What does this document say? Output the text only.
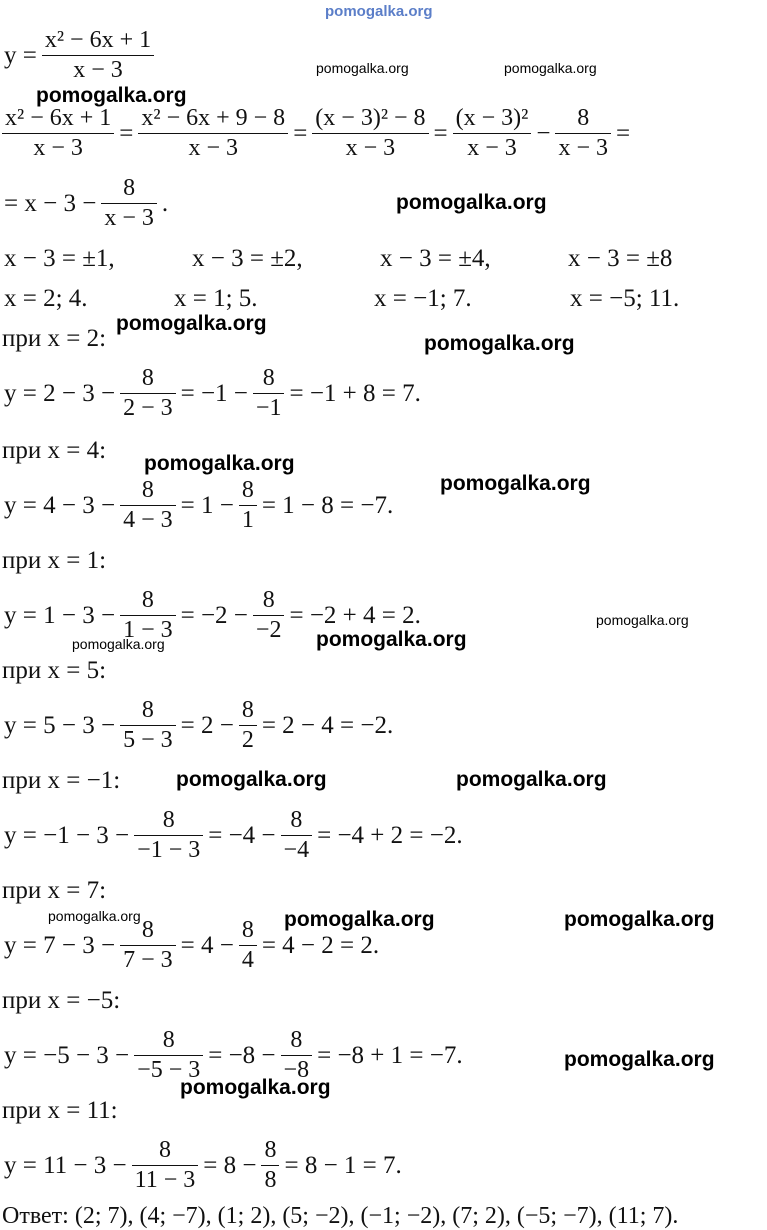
pomogalka.org
pomogalka.org	pomogalka.org
pomogalka.org
pomogalka.org
pomogalka.org
pomogalka.org
pomogalka.org
pomogalka.org
pomogalka.org
pomogalka.org
pomogalka.org
pomogalka.org	pomogalka.org
pomogalka.org	pomogalka.org	pomogalka.org
pomogalka.org
pomogalka.org
$y = \frac{\text{x² − 6x + 1}}{x - 3}$
$\frac{\text{x² − 6x + 1}}{x - 3} = \frac{\text{x² − 6x + 9 − 8}}{x - 3} = \frac{\text{(x − 3)² − 8}}{x - 3} = \frac{\text{(x − 3)²}}{x - 3} - \frac{8}{x - 3}$ =
= $x - 3 - \frac{8}{x - 3}$ .
x − 3 = ±1,	x − 3 = ±2,	x − 3 = ±4,	x − 3 = ±8
x = 2; 4.	x = 1; 5.	x = −1; 7.	x = −5; 11.
при x = 2:
$y = 2 - 3 - \frac{8}{2 - 3} = -1 - \frac{8}{-1} = -1 + 8 = 7$.
при x = 4:
$y = 4 - 3 - \frac{8}{4 - 3} = 1 - \frac{8}{1} = 1 - 8 = -7$.
при x = 1:
$y = 1 - 3 - \frac{8}{1 - 3} = -2 - \frac{8}{-2} = -2 + 4 = 2$.
при x = 5:
$y = 5 - 3 - \frac{8}{5 - 3} = 2 - \frac{8}{2} = 2 - 4 = -2$.
при x = −1:
$y = -1 - 3 - \frac{8}{-1 - 3} = -4 - \frac{8}{-4} = -4 + 2 = -2$.
при x = 7:
$y = 7 - 3 - \frac{8}{7 - 3} = 4 - \frac{8}{4} = 4 - 2 = 2$.
при x = −5:
$y = -5 - 3 - \frac{8}{-5 - 3} = -8 - \frac{8}{-8} = -8 + 1 = -7$.
при x = 11:
$y = 11 - 3 - \frac{8}{11 - 3} = 8 - \frac{8}{8} = 8 - 1 = 7$.
Ответ: (2; 7), (4; −7), (1; 2), (5; −2), (−1; −2), (7; 2), (−5; −7), (11; 7).
